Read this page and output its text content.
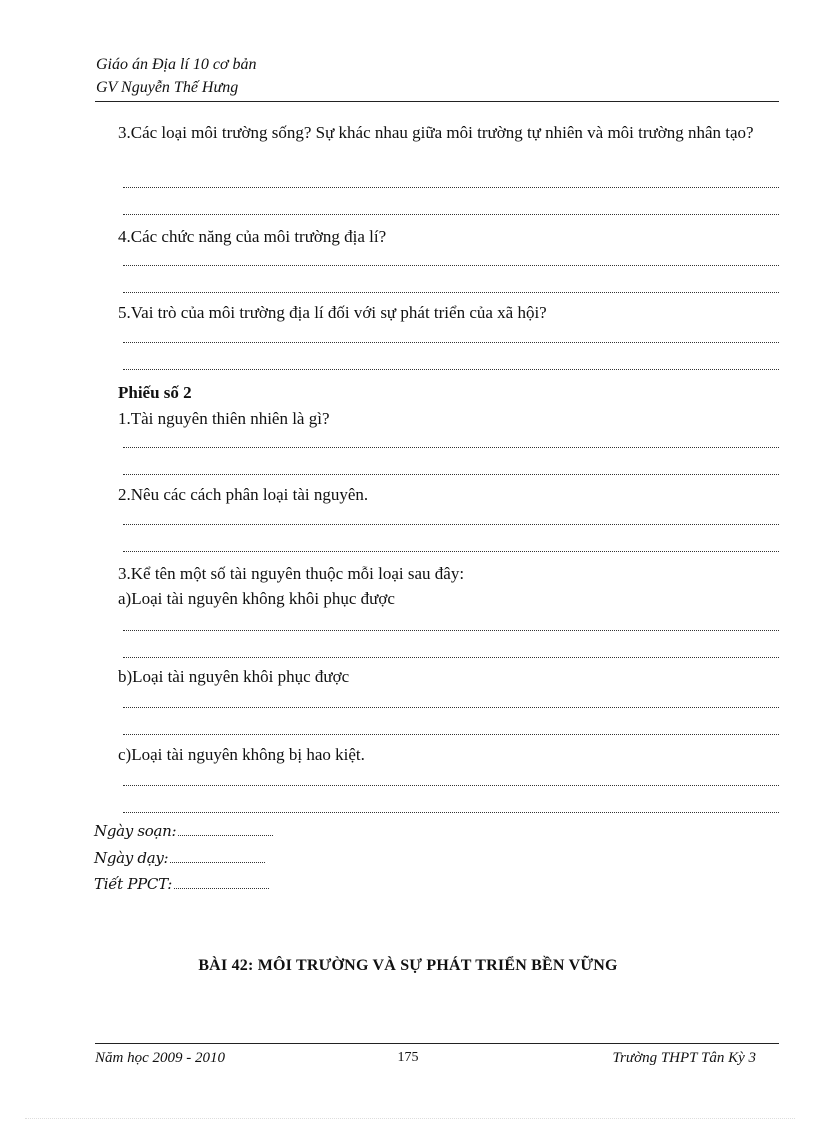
Giáo án Địa lí 10 cơ bản
GV Nguyễn Thế Hưng
3.Các loại môi trường sống? Sự khác nhau giữa môi trường tự nhiên và môi trường nhân tạo?
4.Các chức năng của môi trường địa lí?
5.Vai trò của môi trường địa lí đối với sự phát triển của xã hội?
Phiếu số 2
1.Tài nguyên thiên nhiên là gì?
2.Nêu các cách phân loại tài nguyên.
3.Kể tên một số tài nguyên thuộc mỗi loại sau đây:
a)Loại tài nguyên không khôi phục được
b)Loại tài nguyên khôi phục được
c)Loại tài nguyên không bị hao kiệt.
Ngày soạn:
Ngày dạy:
Tiết PPCT:
BÀI 42: MÔI TRƯỜNG VÀ SỰ PHÁT TRIỂN BỀN VỮNG
Năm học 2009 - 2010	175	Trường THPT Tân Kỳ 3
